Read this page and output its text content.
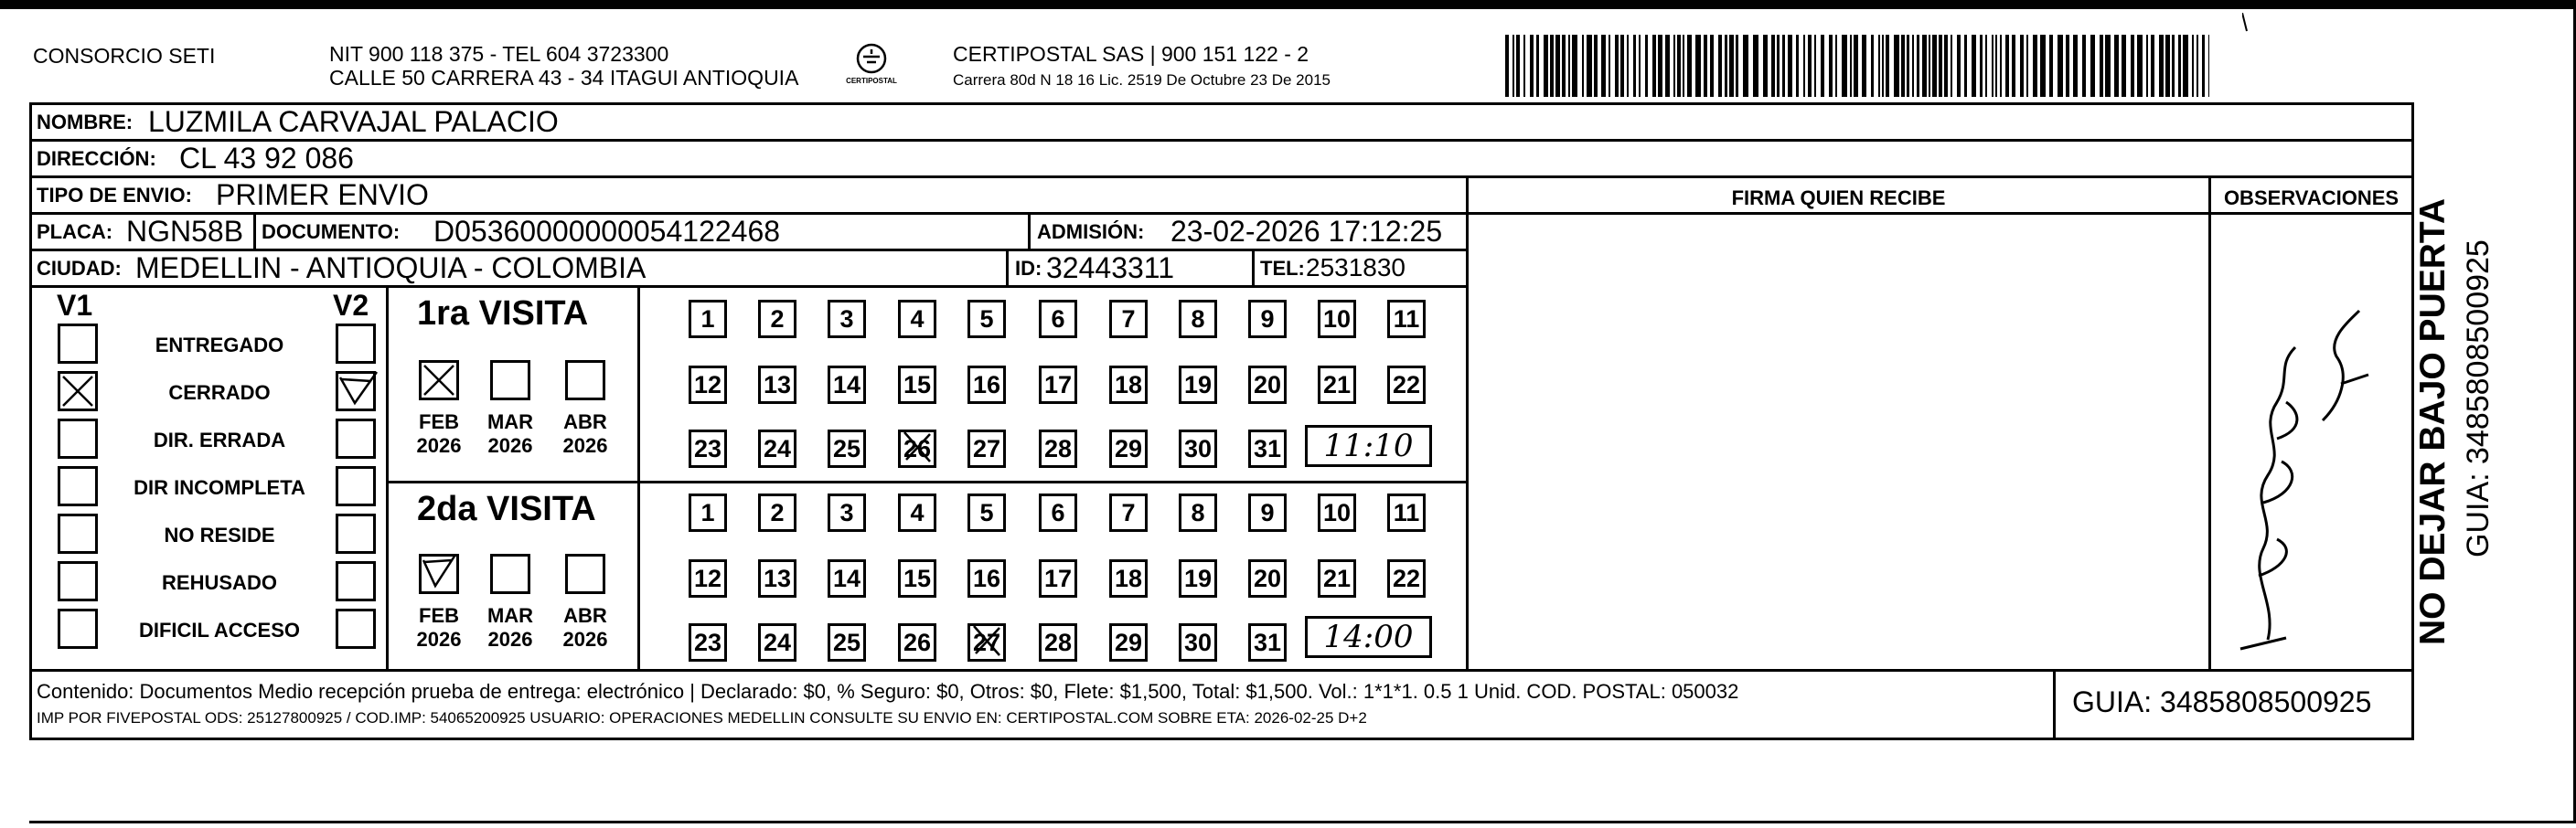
CONSORCIO SETI	NIT 900 118 375 - TEL 604 3723300
CALLE 50 CARRERA 43 - 34 ITAGUI ANTIOQUIA	CERTIPOSTAL
CERTIPOSTAL SAS | 900 151 122 - 2
Carrera 80d N 18 16 Lic. 2519 De Octubre 23 De 2015
NOMBRE: LUZMILA CARVAJAL PALACIO
DIRECCIÓN: CL 43 92 086
TIPO DE ENVIO: PRIMER ENVIO	FIRMA QUIEN RECIBE	OBSERVACIONES
PLACA: NGN58B DOCUMENTO: D05360000000054122468	ADMISIÓN: 23-02-2026 17:12:25
CIUDAD: MEDELLIN - ANTIOQUIA - COLOMBIA	ID: 32443311	TEL: 2531830
V1	V2
ENTREGADO
CERRADO
DIR. ERRADA
DIR INCOMPLETA
NO RESIDE
REHUSADO
DIFICIL ACCESO
1ra VISITA
FEB
2026
MAR
2026
ABR
2026
1	2	3	4	5	6	7	8	9	10 11
12 13 14 15 16 17 18 19 20 21 22
23 24 25 26 27 28 29 30 31	11:10
2da VISITA
FEB
2026
MAR
2026
ABR
2026
1	2	3	4	5	6	7	8	9	10 11
12 13 14 15 16 17 18 19 20 21 22
23 24 25 26 27 28 29 30 31	14:00
Contenido: Documentos Medio recepción prueba de entrega: electrónico | Declarado: $0, % Seguro: $0, Otros: $0, Flete: $1,500, Total: $1,500. Vol.: 1*1*1. 0.5 1 Unid. COD. POSTAL: 050032
IMP POR FIVEPOSTAL ODS: 25127800925 / COD.IMP: 54065200925 USUARIO: OPERACIONES MEDELLIN CONSULTE SU ENVIO EN: CERTIPOSTAL.COM SOBRE ETA: 2026-02-25 D+2	GUIA: 3485808500925
NO DEJAR BAJO PUERTA GUIA: 3485808500925
